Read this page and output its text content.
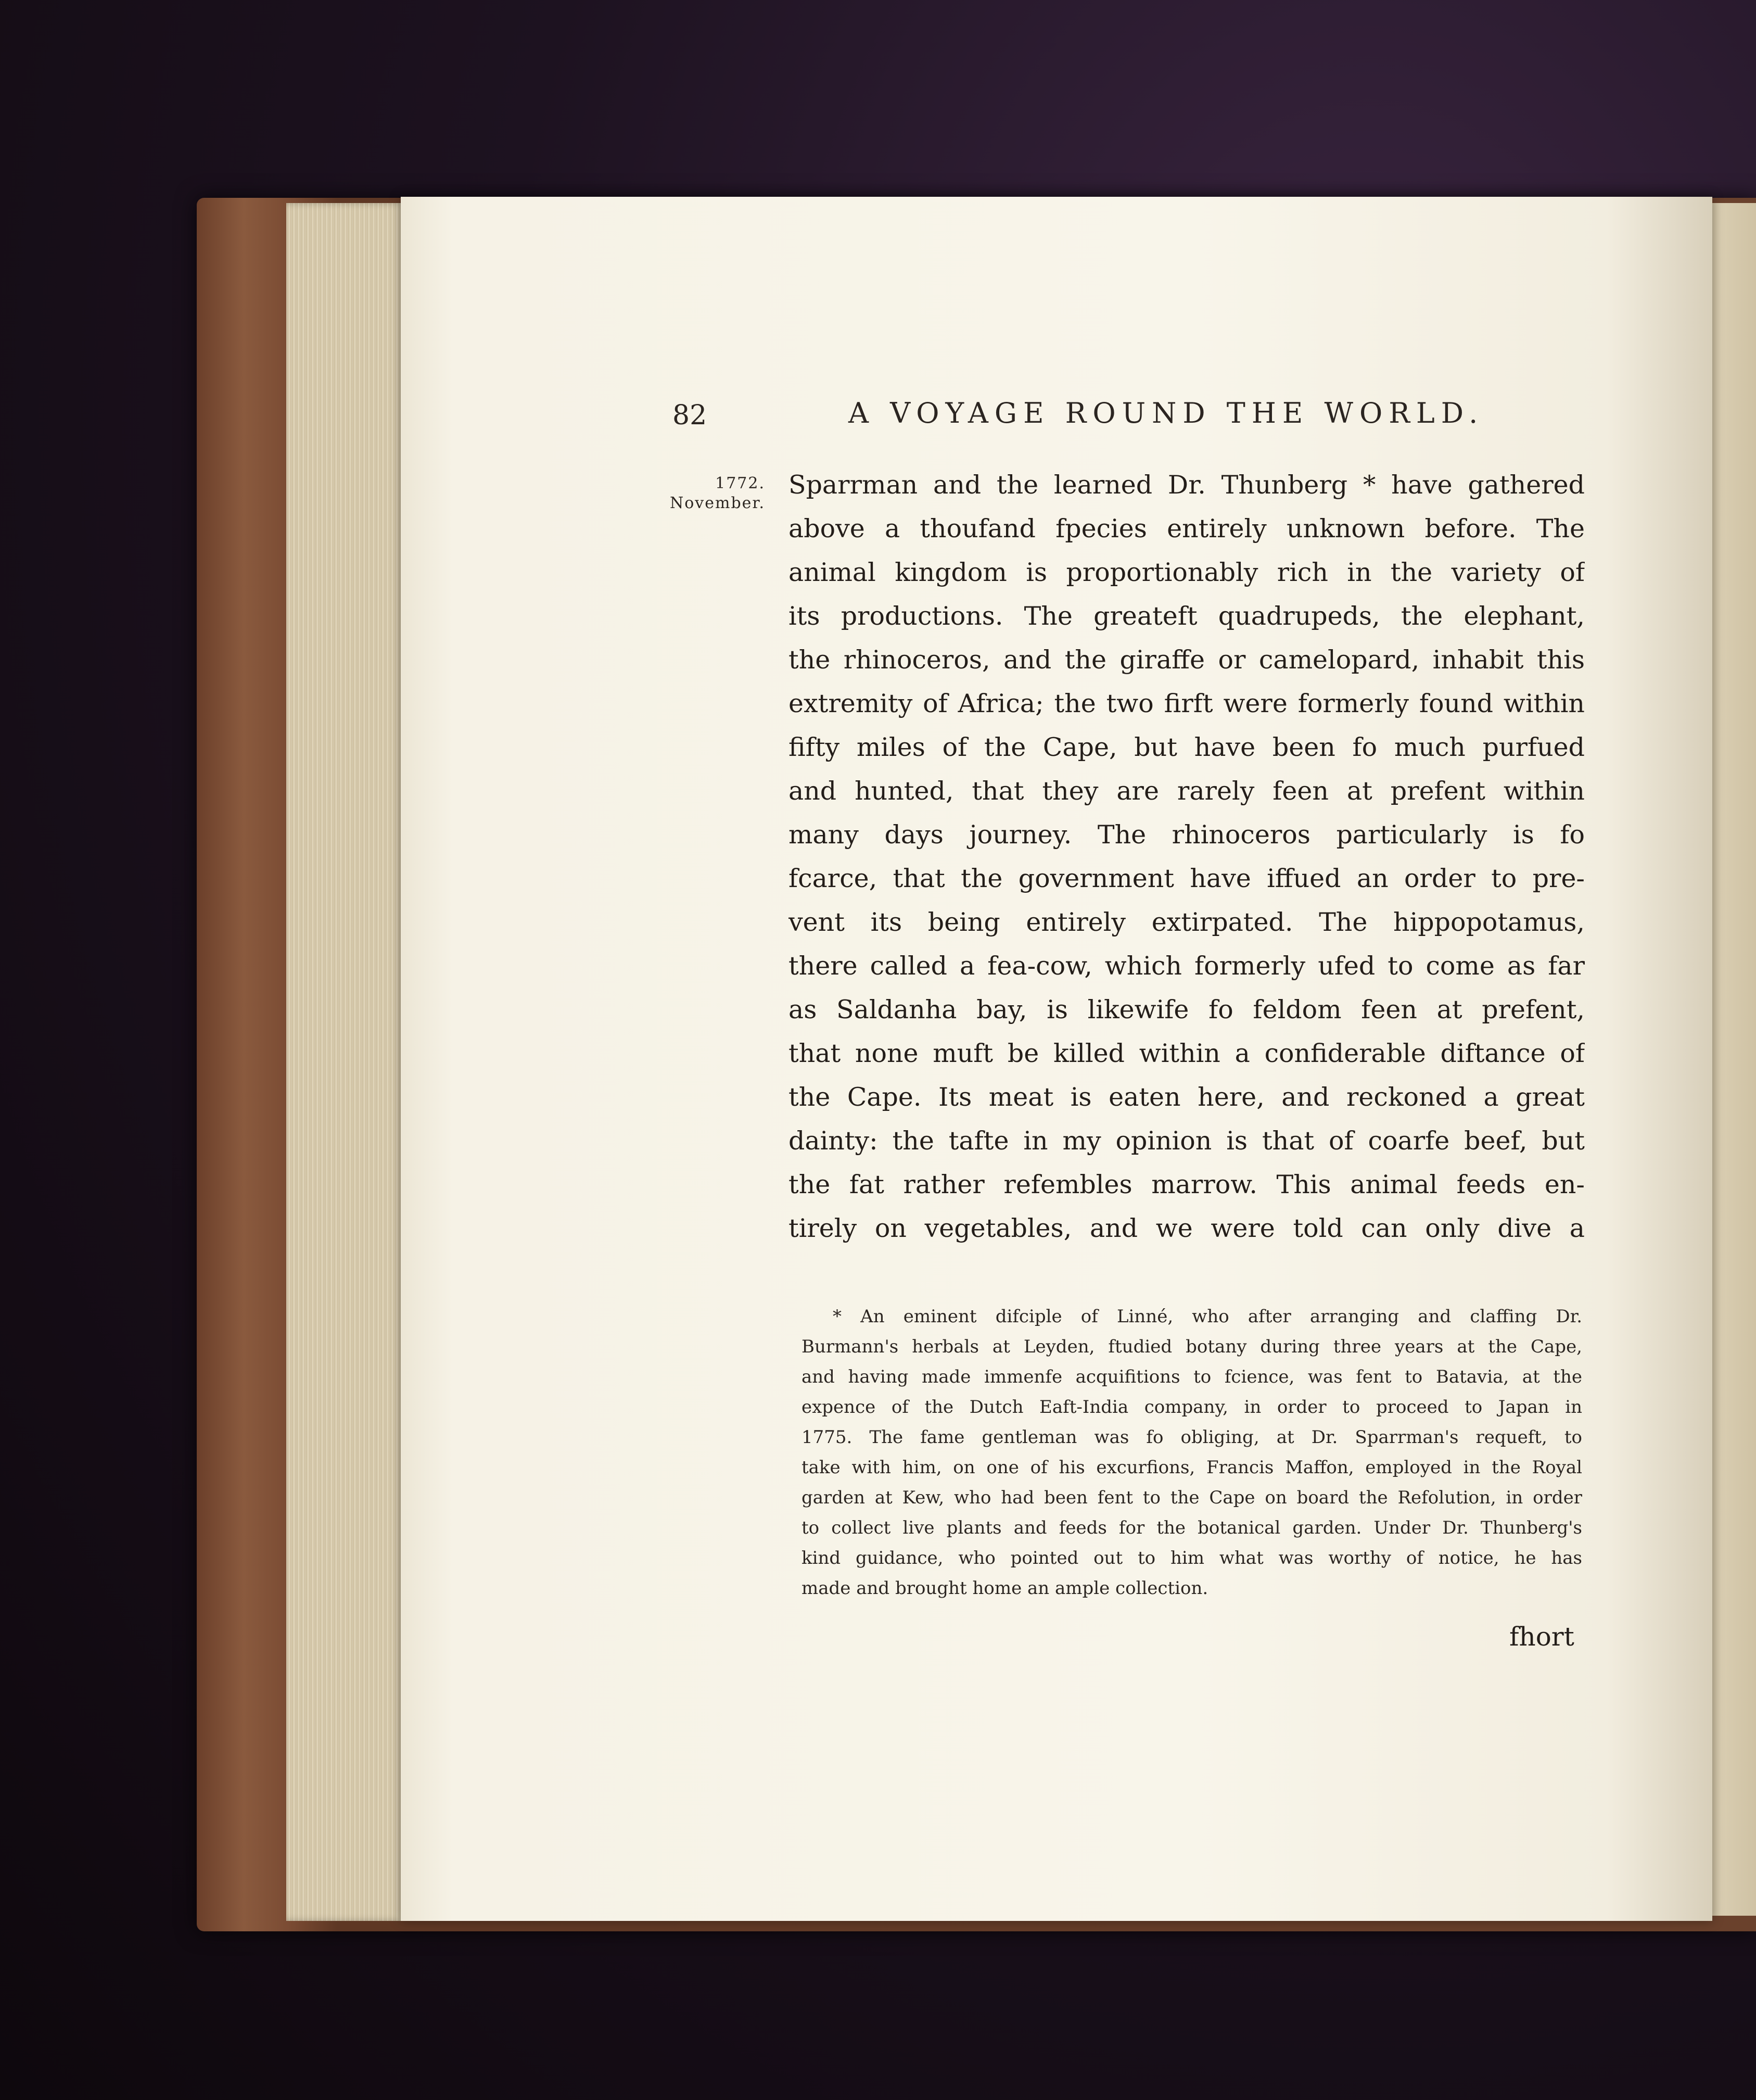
82	A VOYAGE ROUND THE WORLD.
1772.
November.
Sparrman and the learned Dr. Thunberg * have gathered
above a thoufand fpecies entirely unknown before. The
animal kingdom is proportionably rich in the variety of
its productions. The greateft quadrupeds, the elephant,
the rhinoceros, and the giraffe or camelopard, inhabit this
extremity of Africa; the two firft were formerly found within
fifty miles of the Cape, but have been fo much purfued
and hunted, that they are rarely feen at prefent within
many days journey. The rhinoceros particularly is fo
fcarce, that the government have iffued an order to pre-
vent its being entirely extirpated. The hippopotamus,
there called a fea-cow, which formerly ufed to come as far
as Saldanha bay, is likewife fo feldom feen at prefent,
that none muft be killed within a confiderable diftance of
the Cape. Its meat is eaten here, and reckoned a great
dainty: the tafte in my opinion is that of coarfe beef, but
the fat rather refembles marrow. This animal feeds en-
tirely on vegetables, and we were told can only dive a
* An eminent difciple of Linné, who after arranging and claffing Dr.
Burmann's herbals at Leyden, ftudied botany during three years at the Cape,
and having made immenfe acquifitions to fcience, was fent to Batavia, at the
expence of the Dutch Eaft-India company, in order to proceed to Japan in
1775. The fame gentleman was fo obliging, at Dr. Sparrman's requeft, to
take with him, on one of his excurfions, Francis Maffon, employed in the Royal
garden at Kew, who had been fent to the Cape on board the Refolution, in order
to collect live plants and feeds for the botanical garden. Under Dr. Thunberg's
kind guidance, who pointed out to him what was worthy of notice, he has
made and brought home an ample collection.
fhort
